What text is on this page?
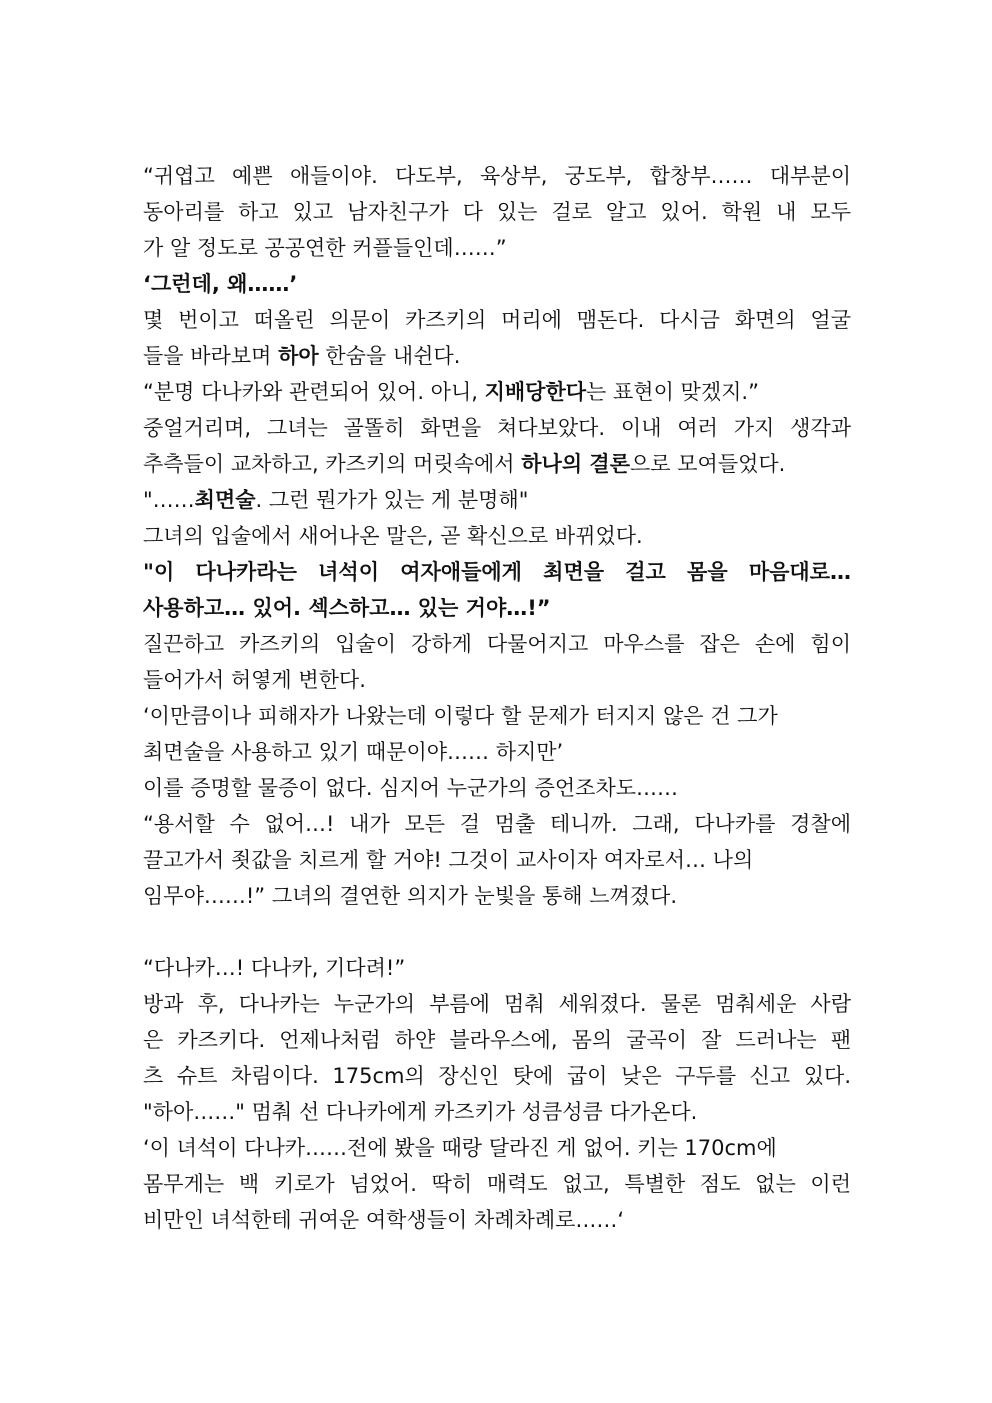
“귀엽고 예쁜 애들이야. 다도부, 육상부, 궁도부, 합창부…… 대부분이
동아리를 하고 있고 남자친구가 다 있는 걸로 알고 있어. 학원 내 모두
가 알 정도로 공공연한 커플들인데……”
‘그런데, 왜……’
몇 번이고 떠올린 의문이 카즈키의 머리에 맴돈다. 다시금 화면의 얼굴
들을 바라보며 하아 한숨을 내쉰다.
“분명 다나카와 관련되어 있어. 아니, 지배당한다는 표현이 맞겠지.”
중얼거리며, 그녀는 골똘히 화면을 쳐다보았다. 이내 여러 가지 생각과
추측들이 교차하고, 카즈키의 머릿속에서 하나의 결론으로 모여들었다.
"……최면술. 그런 뭔가가 있는 게 분명해"
그녀의 입술에서 새어나온 말은, 곧 확신으로 바뀌었다.
"이 다나카라는 녀석이 여자애들에게 최면을 걸고 몸을 마음대로…
사용하고… 있어. 섹스하고… 있는 거야…!”
질끈하고 카즈키의 입술이 강하게 다물어지고 마우스를 잡은 손에 힘이
들어가서 허옇게 변한다.
‘이만큼이나 피해자가 나왔는데 이렇다 할 문제가 터지지 않은 건 그가
최면술을 사용하고 있기 때문이야…… 하지만’
이를 증명할 물증이 없다. 심지어 누군가의 증언조차도……
“용서할 수 없어…! 내가 모든 걸 멈출 테니까. 그래, 다나카를 경찰에
끌고가서 죗값을 치르게 할 거야! 그것이 교사이자 여자로서… 나의
임무야……!” 그녀의 결연한 의지가 눈빛을 통해 느껴졌다.
“다나카…! 다나카, 기다려!”
방과 후, 다나카는 누군가의 부름에 멈춰 세워졌다. 물론 멈춰세운 사람
은 카즈키다. 언제나처럼 하얀 블라우스에, 몸의 굴곡이 잘 드러나는 팬
츠 슈트 차림이다. 175cm의 장신인 탓에 굽이 낮은 구두를 신고 있다.
"하아……" 멈춰 선 다나카에게 카즈키가 성큼성큼 다가온다.
‘이 녀석이 다나카……전에 봤을 때랑 달라진 게 없어. 키는 170cm에
몸무게는 백 키로가 넘었어. 딱히 매력도 없고, 특별한 점도 없는 이런
비만인 녀석한테 귀여운 여학생들이 차례차례로……‘
